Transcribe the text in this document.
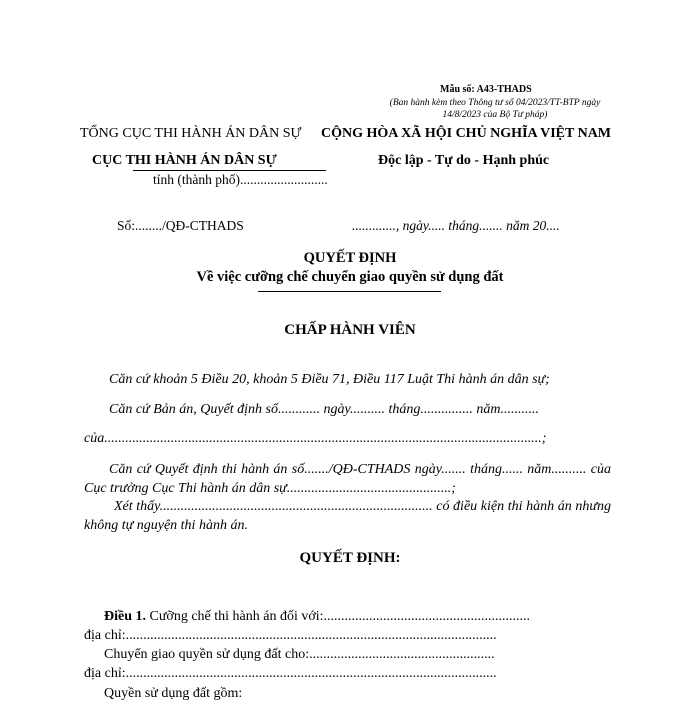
Mẫu số: A43-THADS
(Ban hành kèm theo Thông tư số 04/2023/TT-BTP ngày 14/8/2023 của Bộ Tư pháp)
TỔNG CỤC THI HÀNH ÁN DÂN SỰ
CỤC THI HÀNH ÁN DÂN SỰ
tỉnh (thành phố)..........................
CỘNG HÒA XÃ HỘI CHỦ NGHĨA VIỆT NAM
Độc lập - Tự do - Hạnh phúc
Số:......../QĐ-CTHADS	............., ngày..... tháng....... năm 20....
QUYẾT ĐỊNH
Về việc cưỡng chế chuyển giao quyền sử dụng đất
CHẤP HÀNH VIÊN
Căn cứ khoản 5 Điều 20, khoản 5 Điều 71, Điều 117 Luật Thi hành án dân sự;
Căn cứ Bản án, Quyết định số............ ngày.......... tháng............... năm...........
của.............................................................................................................................;
Căn cứ Quyết định thi hành án số......./QĐ-CTHADS ngày....... tháng...... năm.......... của Cục trưởng Cục Thi hành án dân sự...............................................;
Xét thấy.............................................................................. có điều kiện thi hành án nhưng không tự nguyện thi hành án.
QUYẾT ĐỊNH:
Điều 1. Cưỡng chế thi hành án đối với:...........................................................
địa chỉ:..........................................................................................................
Chuyển giao quyền sử dụng đất cho:.....................................................
địa chỉ:..........................................................................................................
Quyền sử dụng đất gồm:
